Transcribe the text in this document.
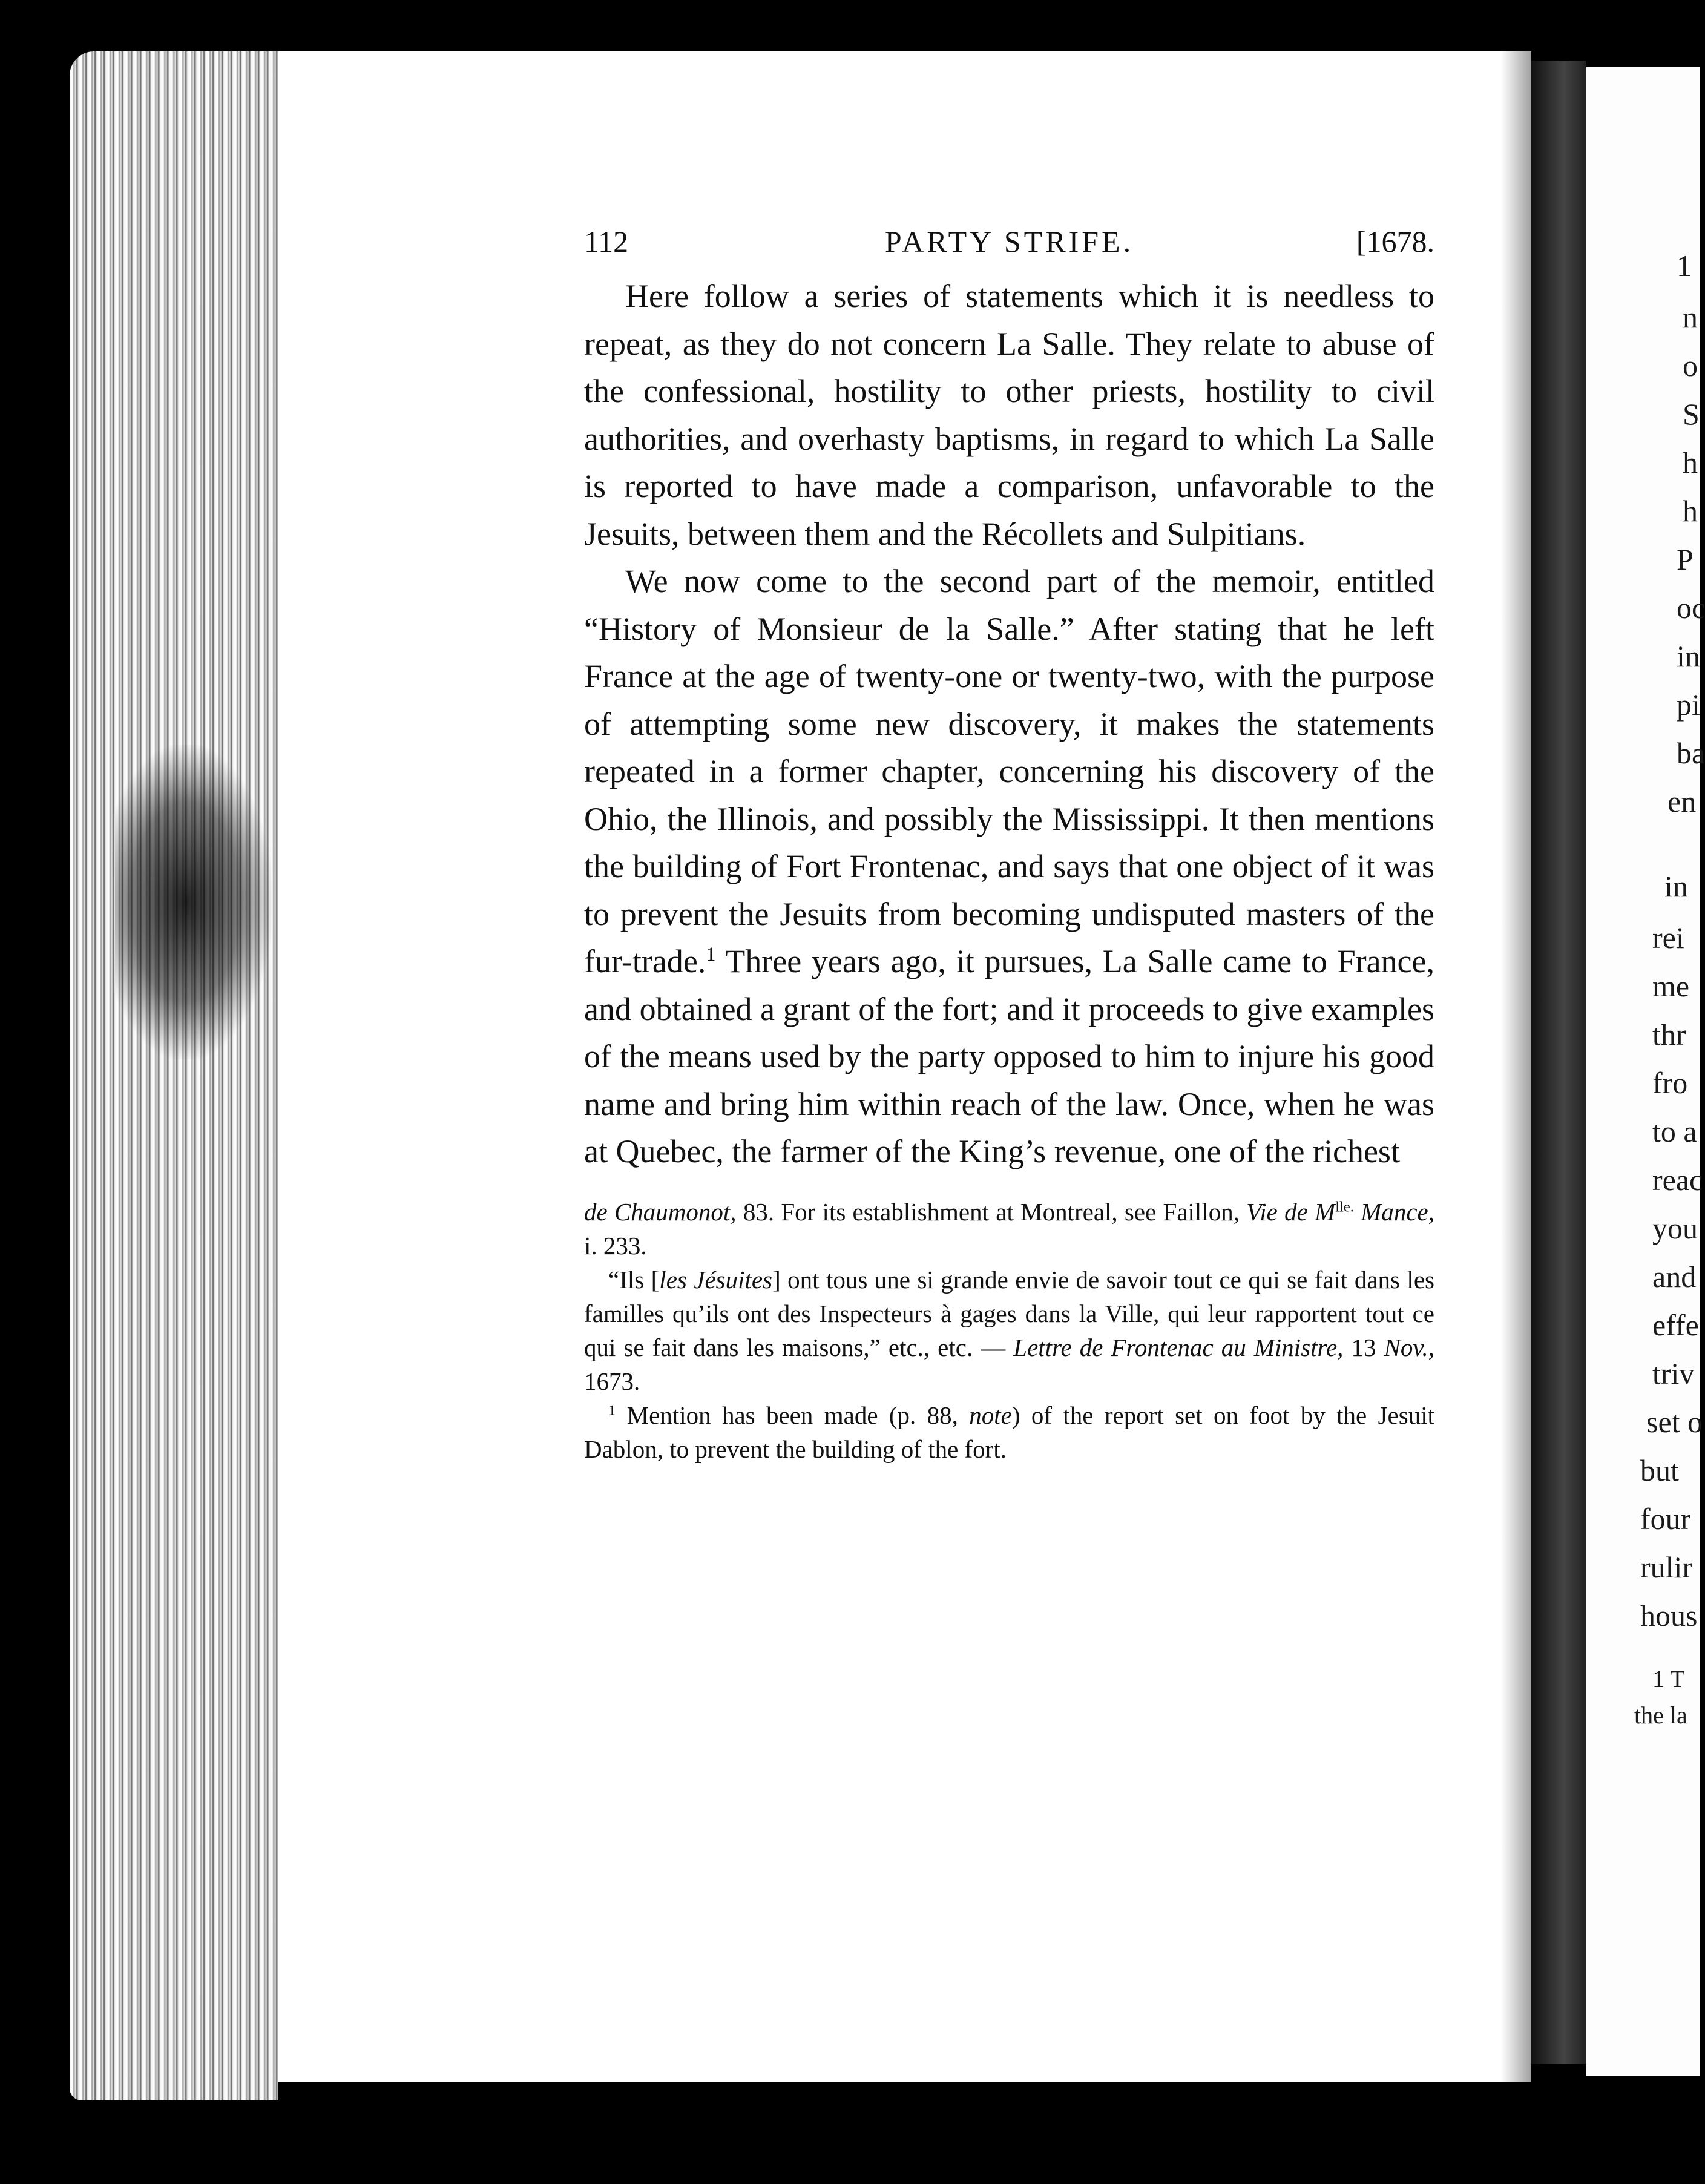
1
n
o
S
h
h
P
oc
in
pi
ba
en
in
rei
me
thr
fro
to a
reac
you
and
effe
triv
set o
but
four
rulir
hous
1 T
the la
112	PARTY STRIFE.	[1678.

Here follow a series of statements which it is needless to repeat, as they do not concern La Salle. They relate to abuse of the confessional, hostility to other priests, hostility to civil authorities, and overhasty baptisms, in regard to which La Salle is reported to have made a comparison, unfavorable to the Jesuits, between them and the Récollets and Sulpitians.

We now come to the second part of the memoir, entitled “History of Monsieur de la Salle.” After stating that he left France at the age of twenty-one or twenty-two, with the purpose of attempting some new discovery, it makes the statements repeated in a former chapter, concerning his discovery of the Ohio, the Illinois, and possibly the Mississippi. It then mentions the building of Fort Frontenac, and says that one object of it was to prevent the Jesuits from becoming undisputed masters of the fur-trade.$^1$ Three years ago, it pursues, La Salle came to France, and obtained a grant of the fort; and it proceeds to give examples of the means used by the party opposed to him to injure his good name and bring him within reach of the law. Once, when he was at Quebec, the farmer of the King’s revenue, one of the richest

de Chaumonot, 83. For its establishment at Montreal, see Faillon, Vie de $M^{lle.}$ Mance, i. 233.

“Ils [les Jésuites] ont tous une si grande envie de savoir tout ce qui se fait dans les familles qu’ils ont des Inspecteurs à gages dans la Ville, qui leur rapportent tout ce qui se fait dans les maisons,” etc., etc. — Lettre de Frontenac au Ministre, 13 Nov., 1673.

$^1$ Mention has been made (p. 88, note) of the report set on foot by the Jesuit Dablon, to prevent the building of the fort.
